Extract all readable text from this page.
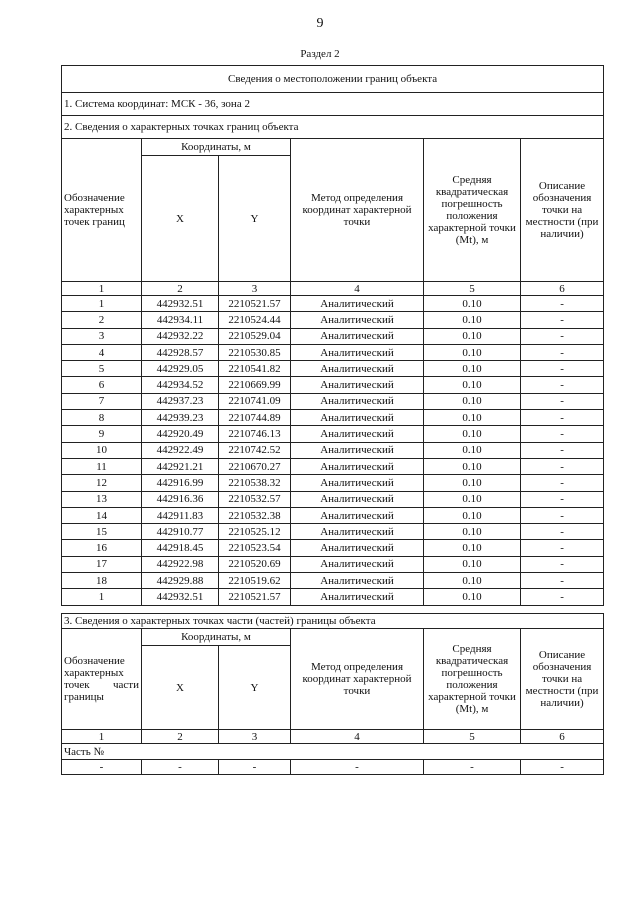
9
Раздел 2
Сведения о местоположении границ объекта					
1. Система координат: МСК - 36, зона 2					
2. Сведения о характерных точках границ объекта					
Обозначение характерных точек границ	Координаты, м		Метод определения координат характерной точки	Средняя квадратическая погрешность положения характерной точки (Mt), м	Описание обозначения точки на местности (при наличии)
	X	Y			
1	2	3	4	5	6
1	442932.51	2210521.57	Аналитический	0.10	-
2	442934.11	2210524.44	Аналитический	0.10	-
3	442932.22	2210529.04	Аналитический	0.10	-
4	442928.57	2210530.85	Аналитический	0.10	-
5	442929.05	2210541.82	Аналитический	0.10	-
6	442934.52	2210669.99	Аналитический	0.10	-
7	442937.23	2210741.09	Аналитический	0.10	-
8	442939.23	2210744.89	Аналитический	0.10	-
9	442920.49	2210746.13	Аналитический	0.10	-
10	442922.49	2210742.52	Аналитический	0.10	-
11	442921.21	2210670.27	Аналитический	0.10	-
12	442916.99	2210538.32	Аналитический	0.10	-
13	442916.36	2210532.57	Аналитический	0.10	-
14	442911.83	2210532.38	Аналитический	0.10	-
15	442910.77	2210525.12	Аналитический	0.10	-
16	442918.45	2210523.54	Аналитический	0.10	-
17	442922.98	2210520.69	Аналитический	0.10	-
18	442929.88	2210519.62	Аналитический	0.10	-
1	442932.51	2210521.57	Аналитический	0.10	-
3. Сведения о характерных точках части (частей) границы объекта					
Обозначение характерных точек части границы	Координаты, м		Метод определения координат характерной точки	Средняя квадратическая погрешность положения характерной точки (Mt), м	Описание обозначения точки на местности (при наличии)
	X	Y			
1	2	3	4	5	6
Часть №					
-	-	-	-	-	-
